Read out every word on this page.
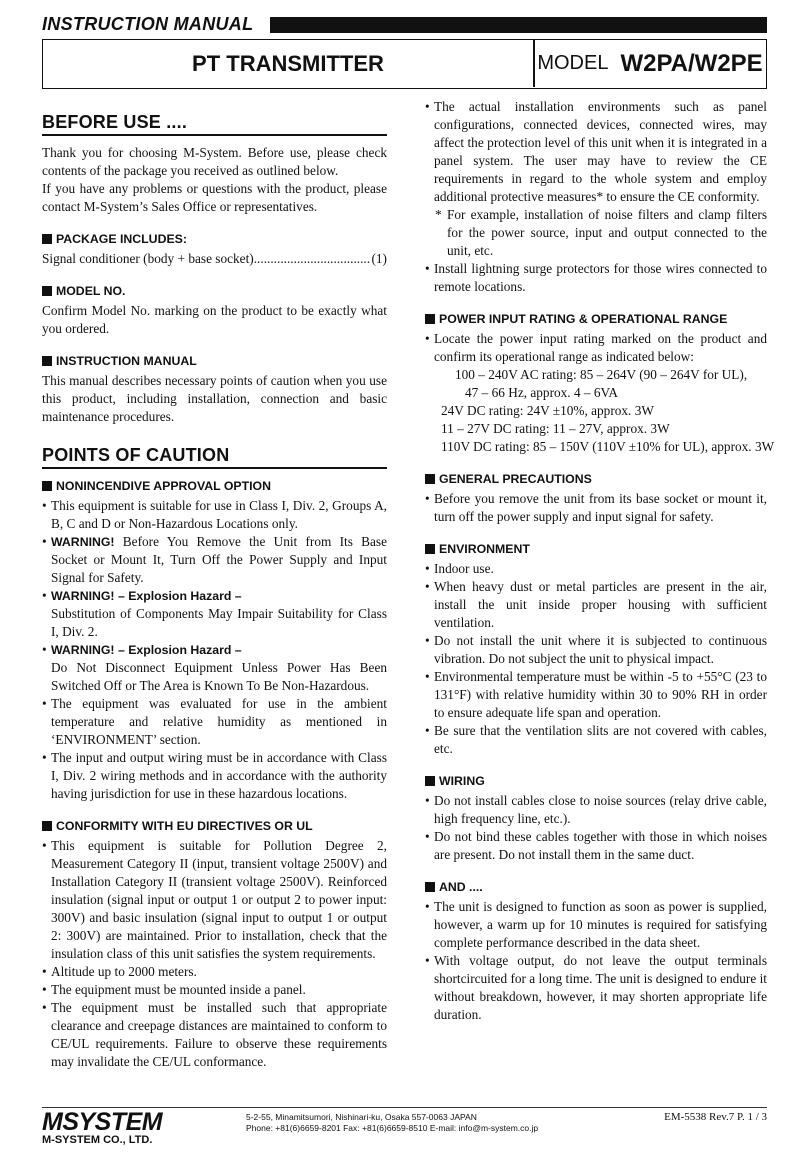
INSTRUCTION MANUAL
PT TRANSMITTER	MODEL W2PA/W2PE
BEFORE USE ....

Thank you for choosing M-System. Before use, please check contents of the package you received as outlined below.

If you have any problems or questions with the product, please contact M-System’s Sales Office or representatives.

PACKAGE INCLUDES:
Signal conditioner (body + base socket)
.....	(1)
MODEL NO.

Confirm Model No. marking on the product to be exactly what you ordered.

INSTRUCTION MANUAL

This manual describes necessary points of caution when you use this product, including installation, connection and basic maintenance procedures.

POINTS OF CAUTION
NONINCENDIVE APPROVAL OPTION

• This equipment is suitable for use in Class I, Div. 2, Groups A, B, C and D or Non-Hazardous Locations only.

• WARNING! Before You Remove the Unit from Its Base Socket or Mount It, Turn Off the Power Supply and Input Signal for Safety.

• WARNING! – Explosion Hazard –

Substitution of Components May Impair Suitability for Class I, Div. 2.

• WARNING! – Explosion Hazard –

Do Not Disconnect Equipment Unless Power Has Been Switched Off or The Area is Known To Be Non-Hazardous.

• The equipment was evaluated for use in the ambient temperature and relative humidity as mentioned in ‘ENVIRONMENT’ section.

• The input and output wiring must be in accordance with Class I, Div. 2 wiring methods and in accordance with the authority having jurisdiction for use in these hazardous locations.

CONFORMITY WITH EU DIRECTIVES OR UL

• This equipment is suitable for Pollution Degree 2, Measurement Category II (input, transient voltage 2500V) and Installation Category II (transient voltage 2500V). Reinforced insulation (signal input or output 1 or output 2 to power input: 300V) and basic insulation (signal input to output 1 or output 2: 300V) are maintained. Prior to installation, check that the insulation class of this unit satisfies the system requirements.

• Altitude up to 2000 meters.

• The equipment must be mounted inside a panel.

• The equipment must be installed such that appropriate clearance and creepage distances are maintained to conform to CE/UL requirements. Failure to observe these requirements may invalidate the CE/UL conformance.

• The actual installation environments such as panel configurations, connected devices, connected wires, may affect the protection level of this unit when it is integrated in a panel system. The user may have to review the CE requirements in regard to the whole system and employ additional protective measures* to ensure the CE conformity.

* For example, installation of noise filters and clamp filters for the power source, input and output connected to the unit, etc.

• Install lightning surge protectors for those wires connected to remote locations.

POWER INPUT RATING & OPERATIONAL RANGE

• Locate the power input rating marked on the product and confirm its operational range as indicated below:

100 – 240V AC rating: 85 – 264V (90 – 264V for UL),

47 – 66 Hz, approx. 4 – 6VA

24V DC rating: 24V ±10%, approx. 3W

11 – 27V DC rating: 11 – 27V, approx. 3W

110V DC rating: 85 – 150V (110V ±10% for UL), approx. 3W

GENERAL PRECAUTIONS

• Before you remove the unit from its base socket or mount it, turn off the power supply and input signal for safety.

ENVIRONMENT

• Indoor use.

• When heavy dust or metal particles are present in the air, install the unit inside proper housing with sufficient ventilation.

• Do not install the unit where it is subjected to continuous vibration. Do not subject the unit to physical impact.

• Environmental temperature must be within -5 to +55°C (23 to 131°F) with relative humidity within 30 to 90% RH in order to ensure adequate life span and operation.

• Be sure that the ventilation slits are not covered with cables, etc.

WIRING

• Do not install cables close to noise sources (relay drive cable, high frequency line, etc.).

• Do not bind these cables together with those in which noises are present. Do not install them in the same duct.

AND ....

• The unit is designed to function as soon as power is supplied, however, a warm up for 10 minutes is required for satisfying complete performance described in the data sheet.

• With voltage output, do not leave the output terminals shortcircuited for a long time. The unit is designed to endure it without breakdown, however, it may shorten appropriate life duration.

MSYSTEM
M-SYSTEM CO., LTD.
5-2-55, Minamitsumori, Nishinari-ku, Osaka 557-0063 JAPAN
Phone: +81(6)6659-8201 Fax: +81(6)6659-8510 E-mail: info@m-system.co.jp
EM-5538 Rev.7 P. 1 / 3
